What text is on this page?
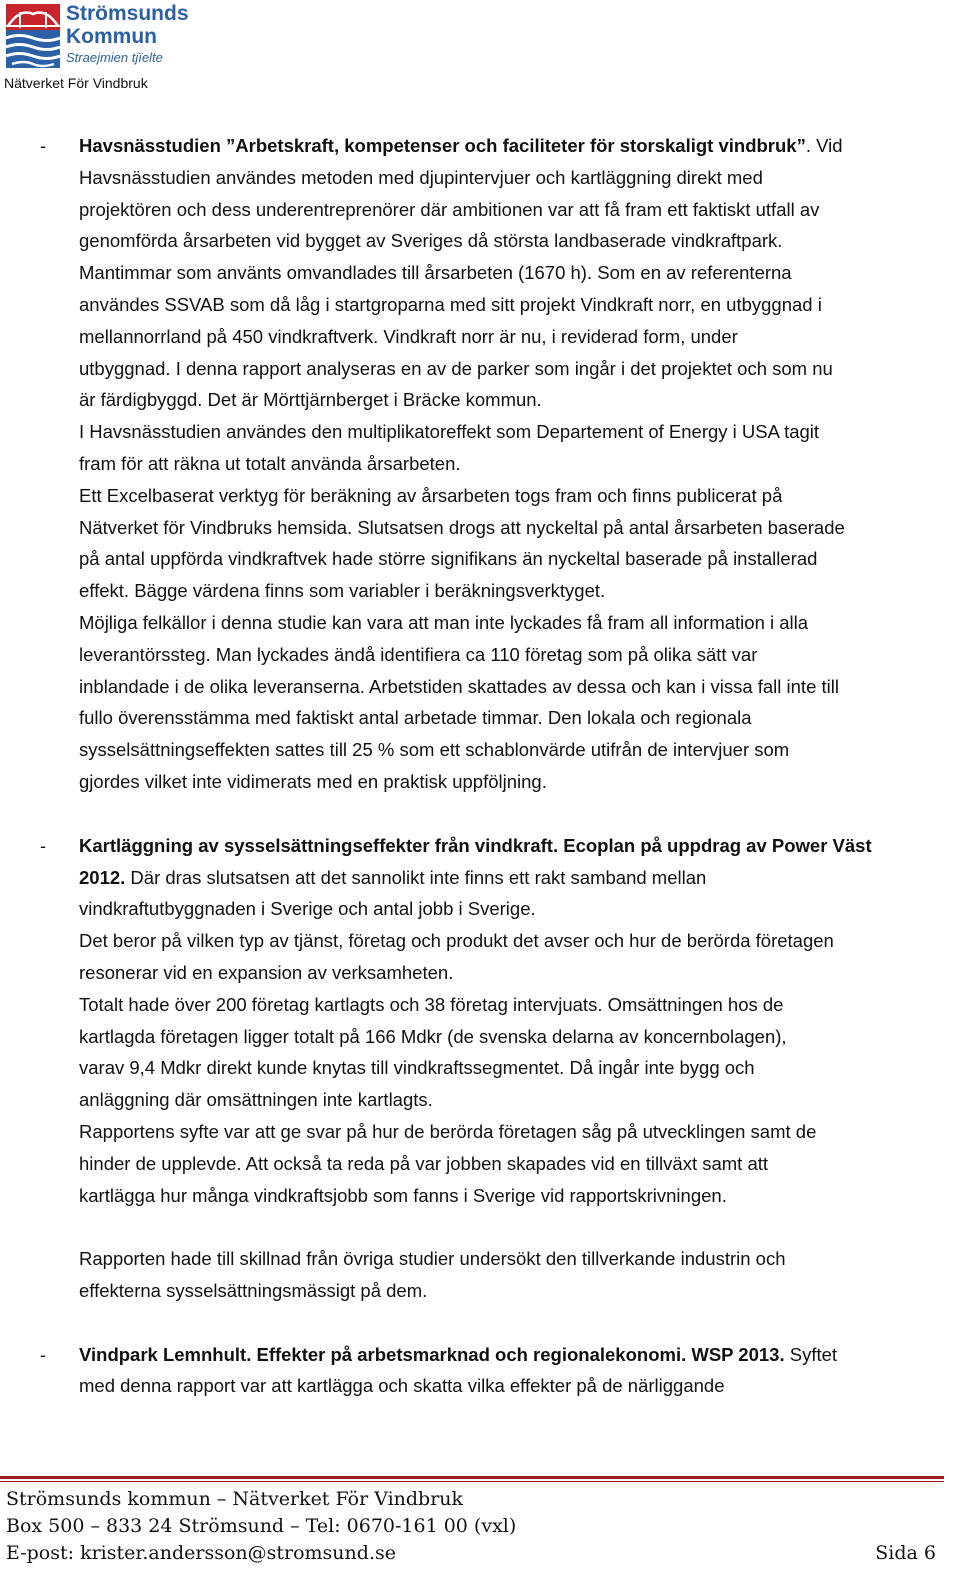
Strömsunds
Kommun
Straejmien tjïelte
Nätverket För Vindbruk
- Havsnässtudien ”Arbetskraft, kompetenser och faciliteter för storskaligt vindbruk”. Vid

Havsnässtudien användes metoden med djupintervjuer och kartläggning direkt med

projektören och dess underentreprenörer där ambitionen var att få fram ett faktiskt utfall av

genomförda årsarbeten vid bygget av Sveriges då största landbaserade vindkraftpark.

Mantimmar som använts omvandlades till årsarbeten (1670 h). Som en av referenterna

användes SSVAB som då låg i startgroparna med sitt projekt Vindkraft norr, en utbyggnad i

mellannorrland på 450 vindkraftverk. Vindkraft norr är nu, i reviderad form, under

utbyggnad. I denna rapport analyseras en av de parker som ingår i det projektet och som nu

är färdigbyggd. Det är Mörttjärnberget i Bräcke kommun.

I Havsnässtudien användes den multiplikatoreffekt som Departement of Energy i USA tagit

fram för att räkna ut totalt använda årsarbeten.

Ett Excelbaserat verktyg för beräkning av årsarbeten togs fram och finns publicerat på

Nätverket för Vindbruks hemsida. Slutsatsen drogs att nyckeltal på antal årsarbeten baserade

på antal uppförda vindkraftvek hade större signifikans än nyckeltal baserade på installerad

effekt. Bägge värdena finns som variabler i beräkningsverktyget.

Möjliga felkällor i denna studie kan vara att man inte lyckades få fram all information i alla

leverantörssteg. Man lyckades ändå identifiera ca 110 företag som på olika sätt var

inblandade i de olika leveranserna. Arbetstiden skattades av dessa och kan i vissa fall inte till

fullo överensstämma med faktiskt antal arbetade timmar. Den lokala och regionala

sysselsättningseffekten sattes till 25 % som ett schablonvärde utifrån de intervjuer som

gjordes vilket inte vidimerats med en praktisk uppföljning.

- Kartläggning av sysselsättningseffekter från vindkraft. Ecoplan på uppdrag av Power Väst

2012. Där dras slutsatsen att det sannolikt inte finns ett rakt samband mellan

vindkraftutbyggnaden i Sverige och antal jobb i Sverige.

Det beror på vilken typ av tjänst, företag och produkt det avser och hur de berörda företagen

resonerar vid en expansion av verksamheten.

Totalt hade över 200 företag kartlagts och 38 företag intervjuats. Omsättningen hos de

kartlagda företagen ligger totalt på 166 Mdkr (de svenska delarna av koncernbolagen),

varav 9,4 Mdkr direkt kunde knytas till vindkraftssegmentet. Då ingår inte bygg och

anläggning där omsättningen inte kartlagts.

Rapportens syfte var att ge svar på hur de berörda företagen såg på utvecklingen samt de

hinder de upplevde. Att också ta reda på var jobben skapades vid en tillväxt samt att

kartlägga hur många vindkraftsjobb som fanns i Sverige vid rapportskrivningen.

Rapporten hade till skillnad från övriga studier undersökt den tillverkande industrin och

effekterna sysselsättningsmässigt på dem.

- Vindpark Lemnhult. Effekter på arbetsmarknad och regionalekonomi. WSP 2013. Syftet

med denna rapport var att kartlägga och skatta vilka effekter på de närliggande

Strömsunds kommun – Nätverket För Vindbruk
Box 500 – 833 24 Strömsund – Tel: 0670-161 00 (vxl)
E-post: krister.andersson@stromsund.se	Sida 6
